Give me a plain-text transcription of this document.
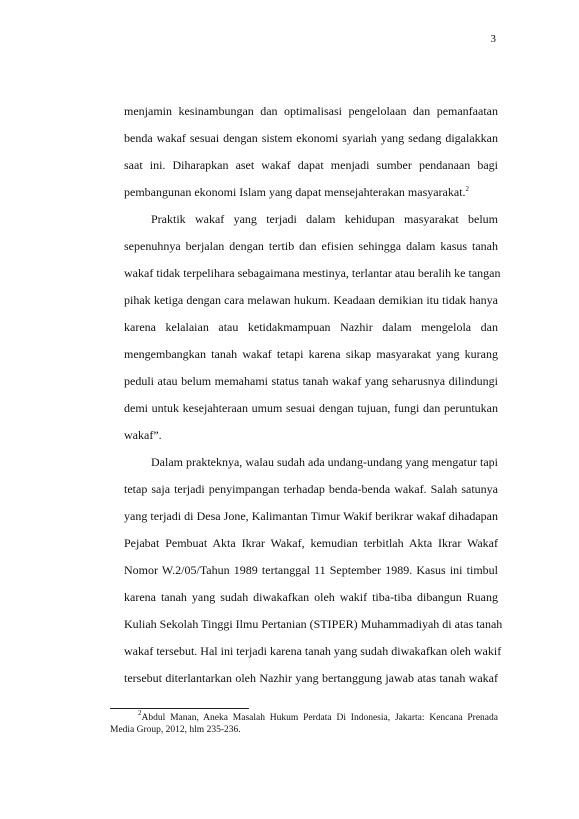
3
menjamin kesinambungan dan optimalisasi pengelolaan dan pemanfaatan
benda wakaf sesuai dengan sistem ekonomi syariah yang sedang digalakkan
saat ini. Diharapkan aset wakaf dapat menjadi sumber pendanaan bagi
pembangunan ekonomi Islam yang dapat mensejahterakan masyarakat.$^2$
Praktik wakaf yang terjadi dalam kehidupan masyarakat belum
sepenuhnya berjalan dengan tertib dan efisien sehingga dalam kasus tanah
wakaf tidak terpelihara sebagaimana mestinya, terlantar atau beralih ke tangan
pihak ketiga dengan cara melawan hukum. Keadaan demikian itu tidak hanya
karena kelalaian atau ketidakmampuan Nazhir dalam mengelola dan
mengembangkan tanah wakaf tetapi karena sikap masyarakat yang kurang
peduli atau belum memahami status tanah wakaf yang seharusnya dilindungi
demi untuk kesejahteraan umum sesuai dengan tujuan, fungi dan peruntukan
wakaf”.
Dalam prakteknya, walau sudah ada undang-undang yang mengatur tapi
tetap saja terjadi penyimpangan terhadap benda-benda wakaf. Salah satunya
yang terjadi di Desa Jone, Kalimantan Timur Wakif berikrar wakaf dihadapan
Pejabat Pembuat Akta Ikrar Wakaf, kemudian terbitlah Akta Ikrar Wakaf
Nomor W.2/05/Tahun 1989 tertanggal 11 September 1989. Kasus ini timbul
karena tanah yang sudah diwakafkan oleh wakif tiba-tiba dibangun Ruang
Kuliah Sekolah Tinggi Ilmu Pertanian (STIPER) Muhammadiyah di atas tanah
wakaf tersebut. Hal ini terjadi karena tanah yang sudah diwakafkan oleh wakif
tersebut diterlantarkan oleh Nazhir yang bertanggung jawab atas tanah wakaf
$^2$Abdul Manan, Aneka Masalah Hukum Perdata Di Indonesia, Jakarta: Kencana Prenada
Media Group, 2012, hlm 235-236.
